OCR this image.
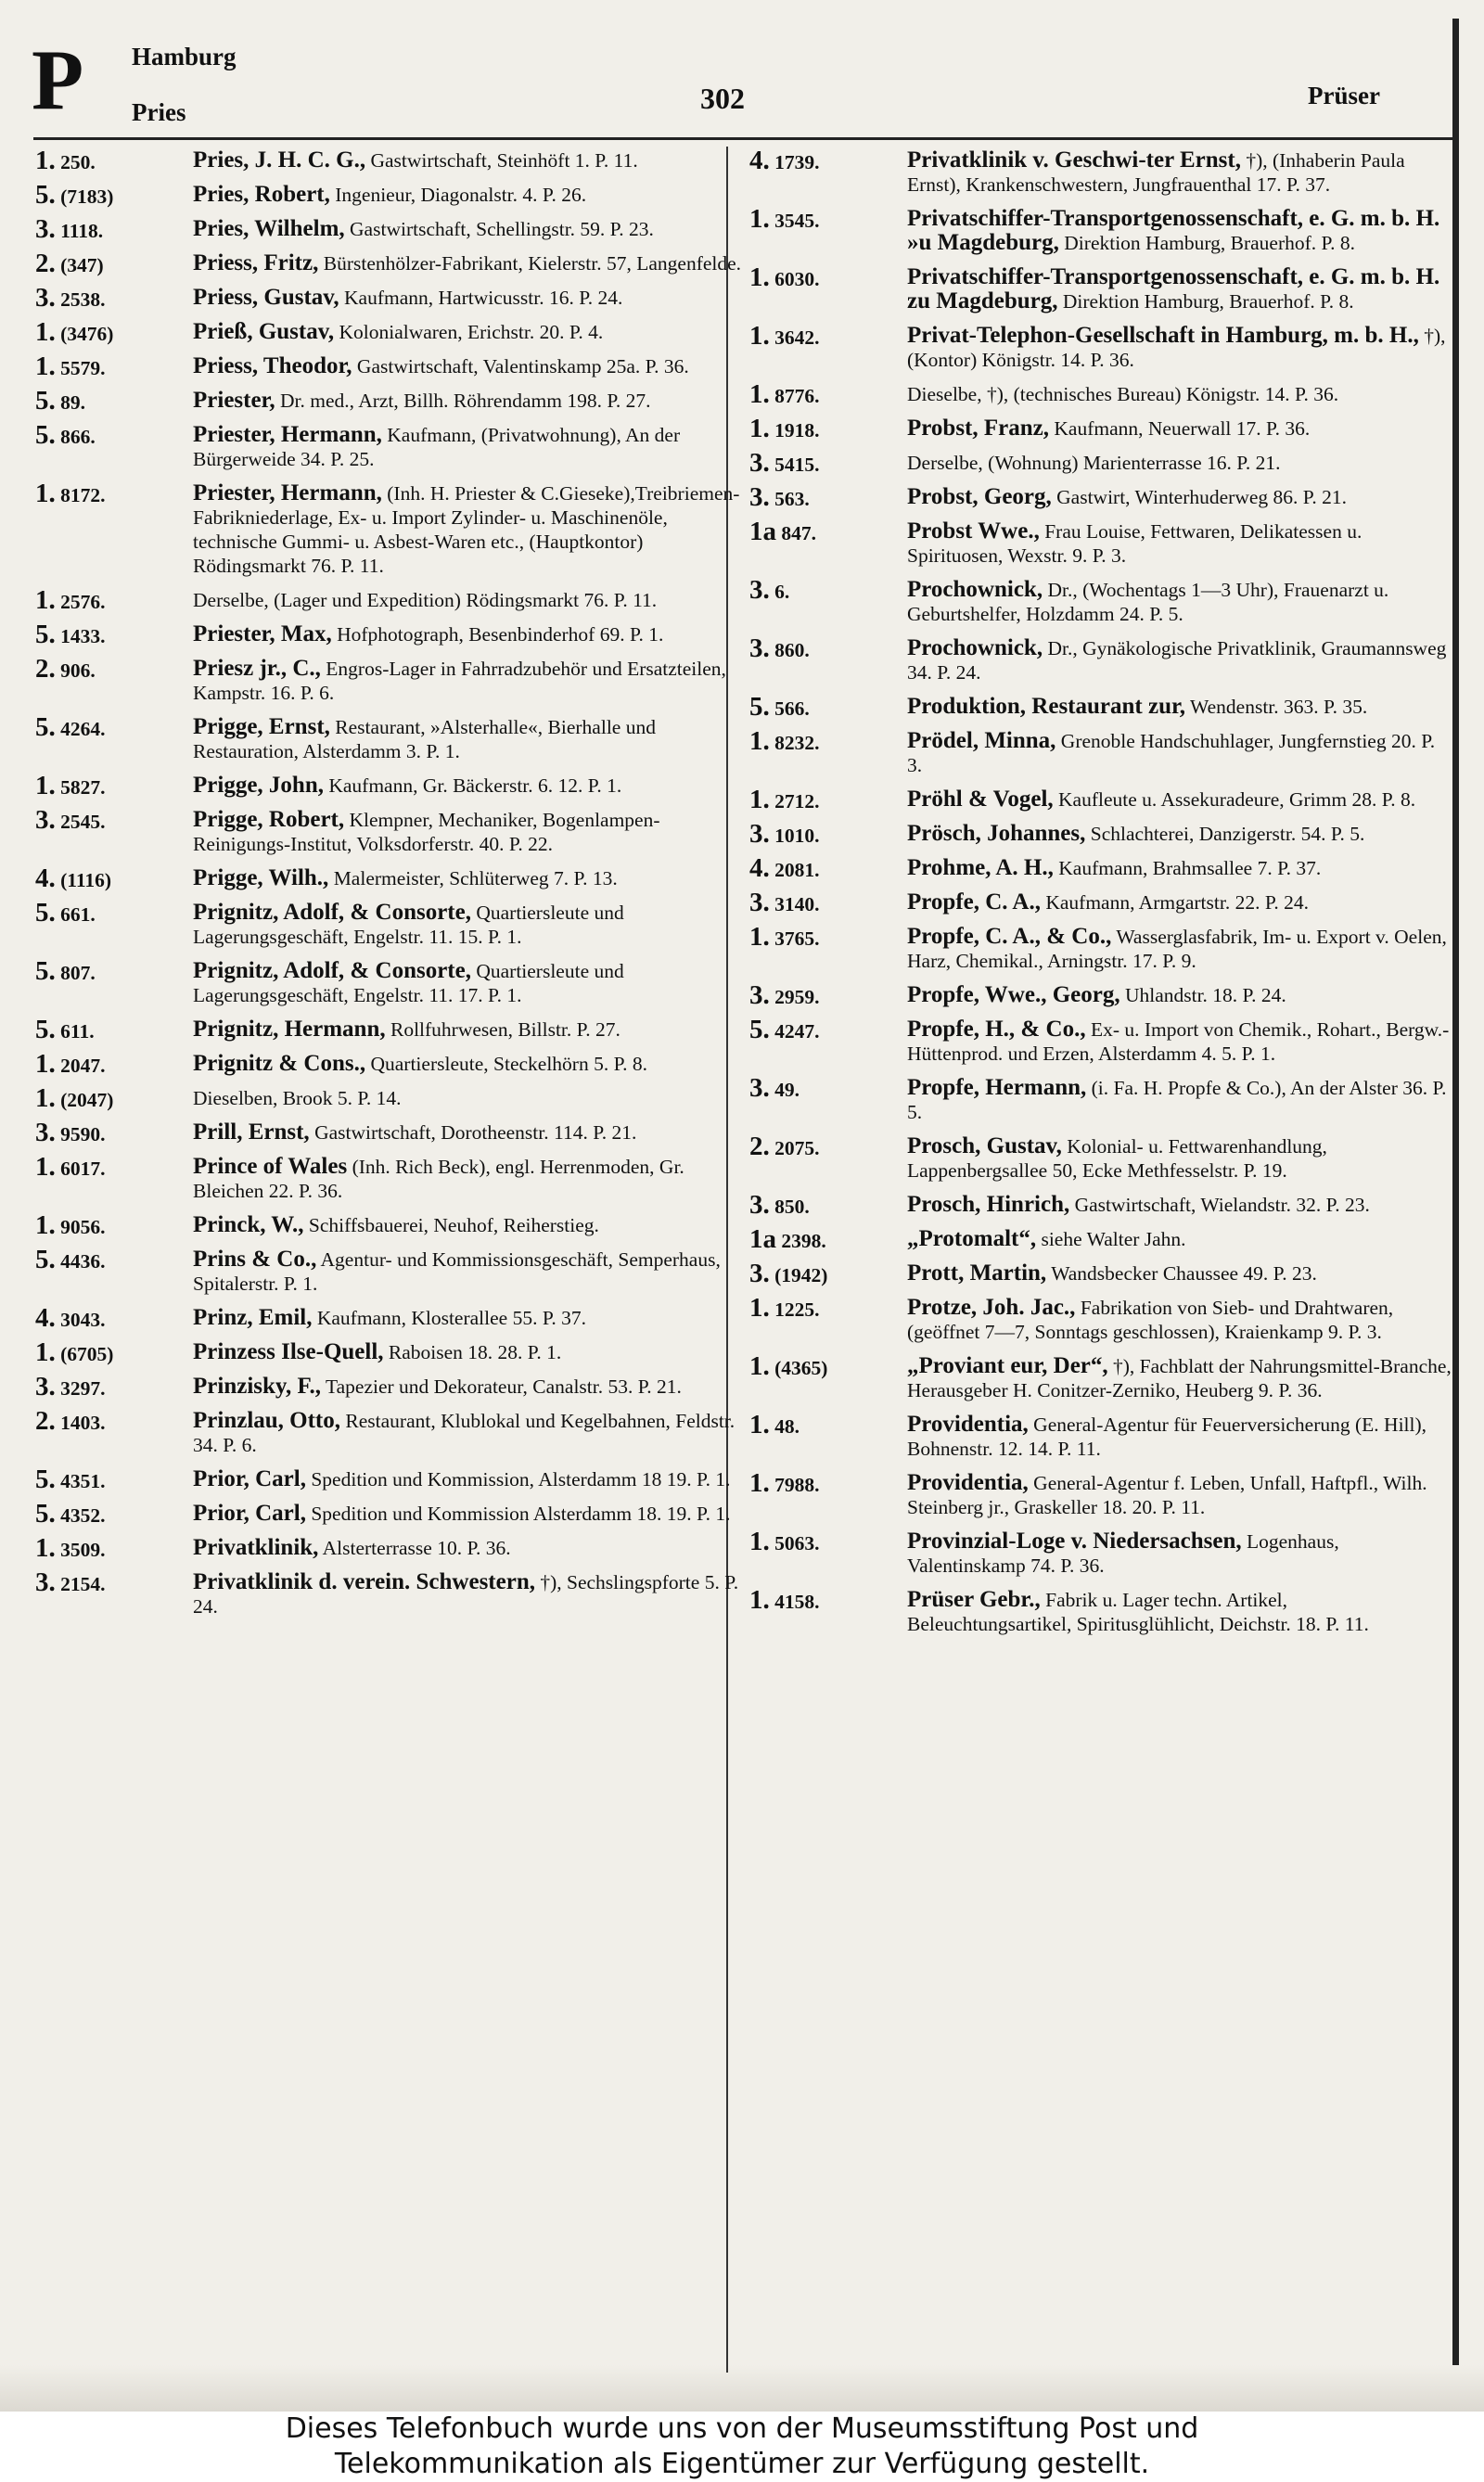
P Hamburg
Pries	302	Prüser
1. 250.	Pries, J. H. C. G., Gastwirtschaft, Steinhöft 1. P. 11.
5. (7183)	Pries, Robert, Ingenieur, Diagonalstr. 4. P. 26.
3. 1118.	Pries, Wilhelm, Gastwirtschaft, Schellingstr. 59. P. 23.
2. (347)	Priess, Fritz, Bürstenhölzer-Fabrikant, Kielerstr. 57, Langenfelde.
3. 2538.	Priess, Gustav, Kaufmann, Hartwicusstr. 16. P. 24.
1. (3476)	Prieß, Gustav, Kolonialwaren, Erichstr. 20. P. 4.
1. 5579.	Priess, Theodor, Gastwirtschaft, Valentinskamp 25a. P. 36.
5. 89.	Priester, Dr. med., Arzt, Billh. Röhrendamm 198. P. 27.
5. 866.	Priester, Hermann, Kaufmann, (Privatwohnung), An der Bürgerweide 34. P. 25.
1. 8172.	Priester, Hermann, (Inh. H. Priester & C.Gieseke),Treibriemen-Fabrikniederlage, Ex- u. Import Zylinder- u. Maschinenöle, technische Gummi- u. Asbest-Waren etc., (Hauptkontor) Rödingsmarkt 76. P. 11.
1. 2576.	Derselbe, (Lager und Expedition) Rödingsmarkt 76. P. 11.
5. 1433.	Priester, Max, Hofphotograph, Besenbinderhof 69. P. 1.
2. 906.	Priesz jr., C., Engros-Lager in Fahrradzubehör und Ersatzteilen, Kampstr. 16. P. 6.
5. 4264.	Prigge, Ernst, Restaurant, »Alsterhalle«, Bierhalle und Restauration, Alsterdamm 3. P. 1.
1. 5827.	Prigge, John, Kaufmann, Gr. Bäckerstr. 6. 12. P. 1.
3. 2545.	Prigge, Robert, Klempner, Mechaniker, Bogenlampen-Reinigungs-Institut, Volksdorferstr. 40. P. 22.
4. (1116)	Prigge, Wilh., Malermeister, Schlüterweg 7. P. 13.
5. 661.	Prignitz, Adolf, & Consorte, Quartiersleute und Lagerungsgeschäft, Engelstr. 11. 15. P. 1.
5. 807.	Prignitz, Adolf, & Consorte, Quartiersleute und Lagerungsgeschäft, Engelstr. 11. 17. P. 1.
5. 611.	Prignitz, Hermann, Rollfuhrwesen, Billstr. P. 27.
1. 2047.	Prignitz & Cons., Quartiersleute, Steckelhörn 5. P. 8.
1. (2047)	Dieselben, Brook 5. P. 14.
3. 9590.	Prill, Ernst, Gastwirtschaft, Dorotheenstr. 114. P. 21.
1. 6017.	Prince of Wales (Inh. Rich Beck), engl. Herrenmoden, Gr. Bleichen 22. P. 36.
1. 9056.	Princk, W., Schiffsbauerei, Neuhof, Reiherstieg.
5. 4436.	Prins & Co., Agentur- und Kommissionsgeschäft, Semperhaus, Spitalerstr. P. 1.
4. 3043.	Prinz, Emil, Kaufmann, Klosterallee 55. P. 37.
1. (6705)	Prinzess Ilse-Quell, Raboisen 18. 28. P. 1.
3. 3297.	Prinzisky, F., Tapezier und Dekorateur, Canalstr. 53. P. 21.
2. 1403.	Prinzlau, Otto, Restaurant, Klublokal und Kegelbahnen, Feldstr. 34. P. 6.
5. 4351.	Prior, Carl, Spedition und Kommission, Alsterdamm 18 19. P. 1.
5. 4352.	Prior, Carl, Spedition und Kommission Alsterdamm 18. 19. P. 1.
1. 3509.	Privatklinik, Alsterterrasse 10. P. 36.
3. 2154.	Privatklinik d. verein. Schwestern, †), Sechslingspforte 5. P. 24.
4. 1739.	Privatklinik v. Geschwi-ter Ernst, †), (Inhaberin Paula Ernst), Krankenschwestern, Jungfrauenthal 17. P. 37.
1. 3545.	Privatschiffer-Transportgenossenschaft, e. G. m. b. H. »u Magdeburg, Direktion Hamburg, Brauerhof. P. 8.
1. 6030.	Privatschiffer-Transportgenossenschaft, e. G. m. b. H. zu Magdeburg, Direktion Hamburg, Brauerhof. P. 8.
1. 3642.	Privat-Telephon-Gesellschaft in Hamburg, m. b. H., †), (Kontor) Königstr. 14. P. 36.
1. 8776.	Dieselbe, †), (technisches Bureau) Königstr. 14. P. 36.
1. 1918.	Probst, Franz, Kaufmann, Neuerwall 17. P. 36.
3. 5415.	Derselbe, (Wohnung) Marienterrasse 16. P. 21.
3. 563.	Probst, Georg, Gastwirt, Winterhuderweg 86. P. 21.
1a 847.	Probst Wwe., Frau Louise, Fettwaren, Delikatessen u. Spirituosen, Wexstr. 9. P. 3.
3. 6.	Prochownick, Dr., (Wochentags 1—3 Uhr), Frauenarzt u. Geburtshelfer, Holzdamm 24. P. 5.
3. 860.	Prochownick, Dr., Gynäkologische Privatklinik, Graumannsweg 34. P. 24.
5. 566.	Produktion, Restaurant zur, Wendenstr. 363. P. 35.
1. 8232.	Prödel, Minna, Grenoble Handschuhlager, Jungfernstieg 20. P. 3.
1. 2712.	Pröhl & Vogel, Kaufleute u. Assekuradeure, Grimm 28. P. 8.
3. 1010.	Prösch, Johannes, Schlachterei, Danzigerstr. 54. P. 5.
4. 2081.	Prohme, A. H., Kaufmann, Brahmsallee 7. P. 37.
3. 3140.	Propfe, C. A., Kaufmann, Armgartstr. 22. P. 24.
1. 3765.	Propfe, C. A., & Co., Wasserglasfabrik, Im- u. Export v. Oelen, Harz, Chemikal., Arningstr. 17. P. 9.
3. 2959.	Propfe, Wwe., Georg, Uhlandstr. 18. P. 24.
5. 4247.	Propfe, H., & Co., Ex- u. Import von Chemik., Rohart., Bergw.-Hüttenprod. und Erzen, Alsterdamm 4. 5. P. 1.
3. 49.	Propfe, Hermann, (i. Fa. H. Propfe & Co.), An der Alster 36. P. 5.
2. 2075.	Prosch, Gustav, Kolonial- u. Fettwarenhandlung, Lappenbergsallee 50, Ecke Methfesselstr. P. 19.
3. 850.	Prosch, Hinrich, Gastwirtschaft, Wielandstr. 32. P. 23.
1a 2398.	„Protomalt“, siehe Walter Jahn.
3. (1942)	Prott, Martin, Wandsbecker Chaussee 49. P. 23.
1. 1225.	Protze, Joh. Jac., Fabrikation von Sieb- und Drahtwaren, (geöffnet 7—7, Sonntags geschlossen), Kraienkamp 9. P. 3.
1. (4365)	„Proviant eur, Der“, †), Fachblatt der Nahrungsmittel-Branche, Herausgeber H. Conitzer-Zerniko, Heuberg 9. P. 36.
1. 48.	Providentia, General-Agentur für Feuerversicherung (E. Hill), Bohnenstr. 12. 14. P. 11.
1. 7988.	Providentia, General-Agentur f. Leben, Unfall, Haftpfl., Wilh. Steinberg jr., Graskeller 18. 20. P. 11.
1. 5063.	Provinzial-Loge v. Niedersachsen, Logenhaus, Valentinskamp 74. P. 36.
1. 4158.	Prüser Gebr., Fabrik u. Lager techn. Artikel, Beleuchtungsartikel, Spiritusglühlicht, Deichstr. 18. P. 11.
Dieses Telefonbuch wurde uns von der Museumsstiftung Post und
Telekommunikation als Eigentümer zur Verfügung gestellt.
